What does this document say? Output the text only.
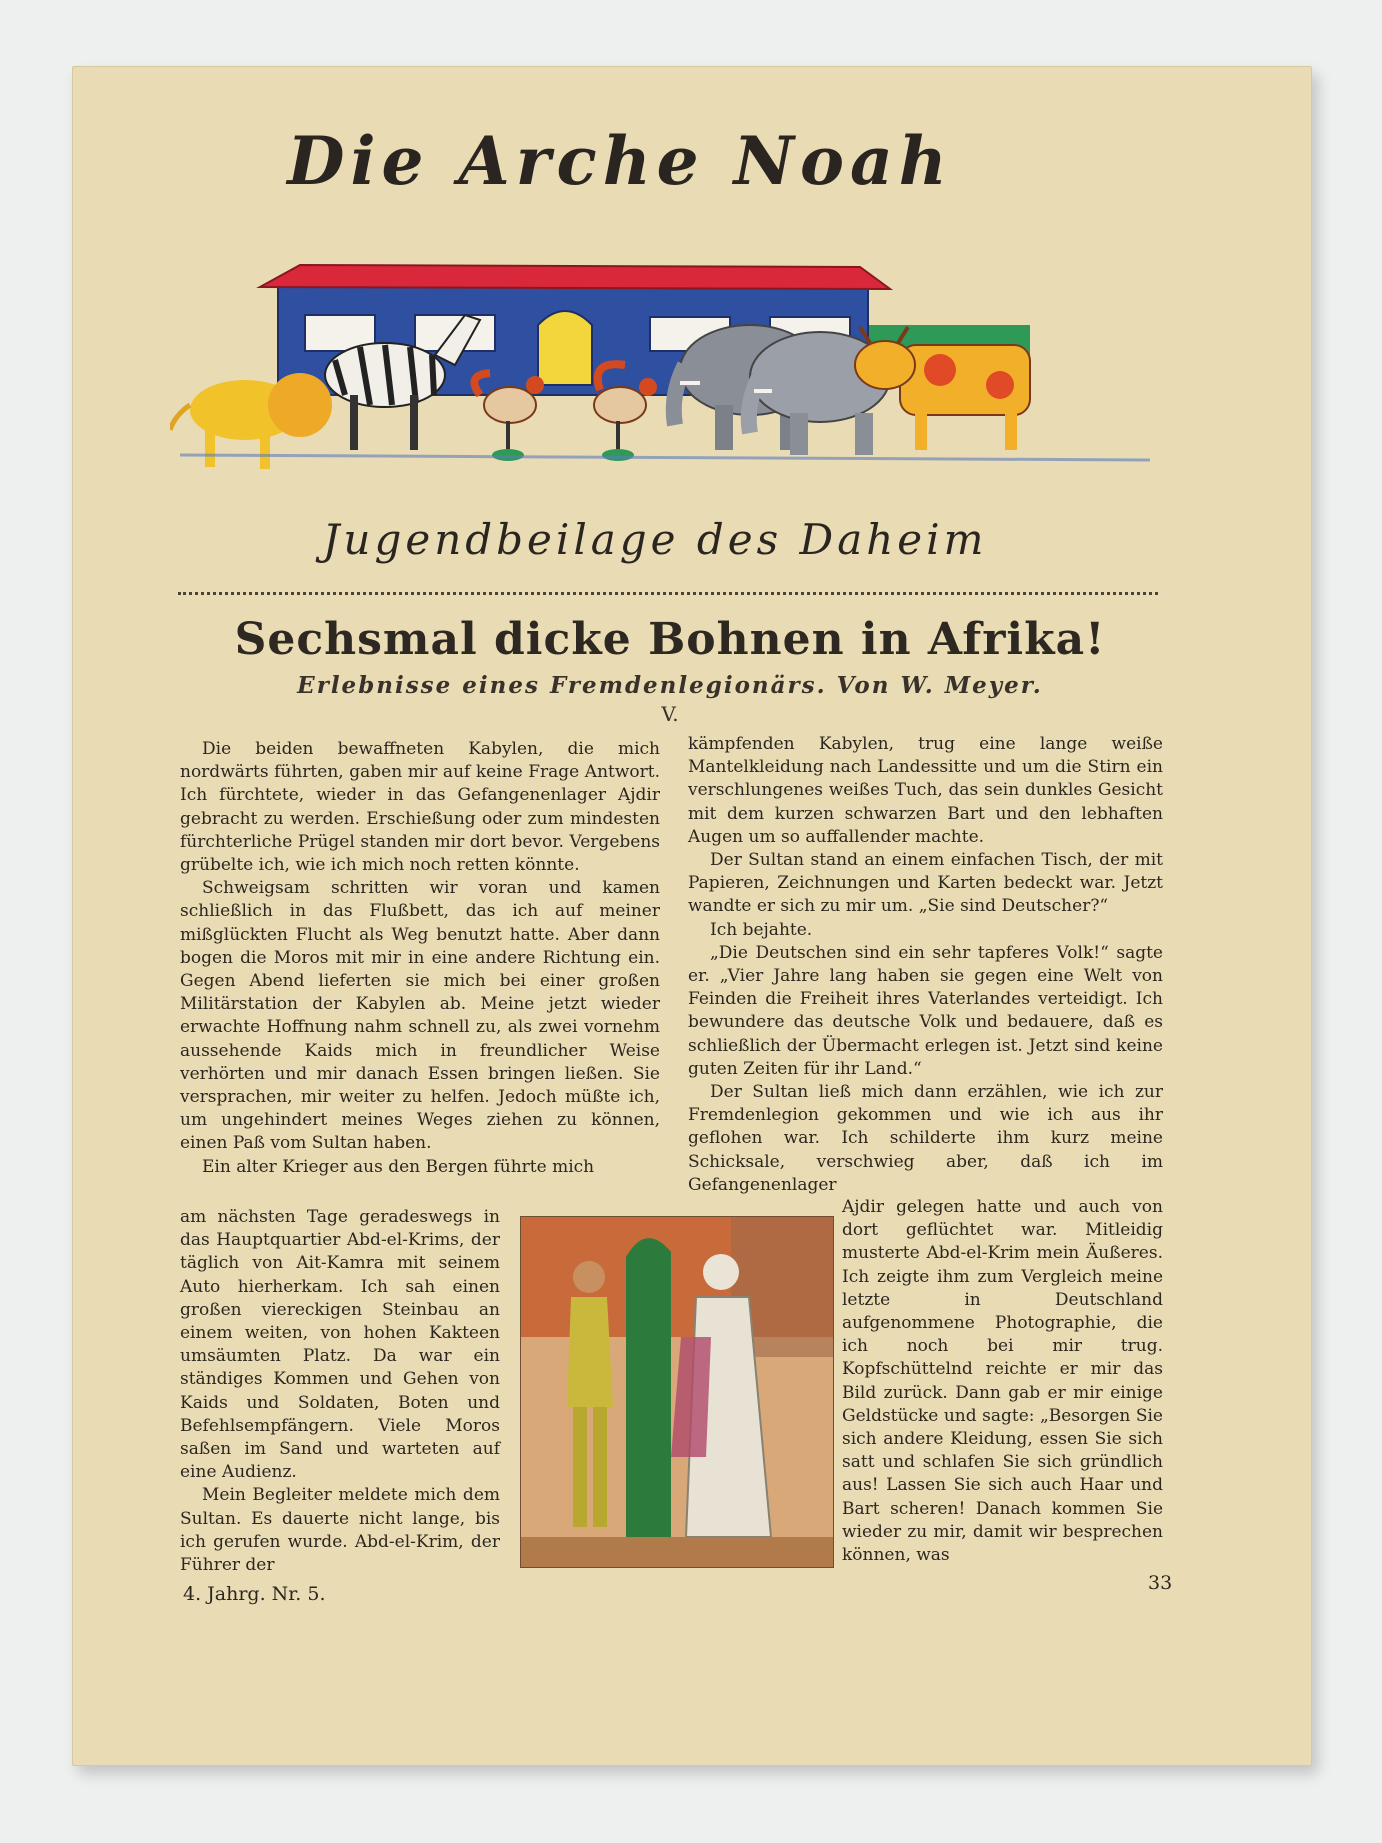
Die Arche Noah
Jugendbeilage des Daheim
Sechsmal dicke Bohnen in Afrika!
Erlebnisse eines Fremdenlegionärs. Von W. Meyer.
V.

Die beiden bewaffneten Kabylen, die mich nordwärts führten, gaben mir auf keine Frage Antwort. Ich fürchtete, wieder in das Gefangenenlager Ajdir gebracht zu werden. Erschießung oder zum mindesten fürchterliche Prügel standen mir dort bevor. Vergebens grübelte ich, wie ich mich noch retten könnte.

Schweigsam schritten wir voran und kamen schließlich in das Flußbett, das ich auf meiner mißglückten Flucht als Weg benutzt hatte. Aber dann bogen die Moros mit mir in eine andere Richtung ein. Gegen Abend lieferten sie mich bei einer großen Militärstation der Kabylen ab. Meine jetzt wieder erwachte Hoffnung nahm schnell zu, als zwei vornehm aussehende Kaids mich in freundlicher Weise verhörten und mir danach Essen bringen ließen. Sie versprachen, mir weiter zu helfen. Jedoch müßte ich, um ungehindert meines Weges ziehen zu können, einen Paß vom Sultan haben.

Ein alter Krieger aus den Bergen führte mich

am nächsten Tage geradeswegs in das Hauptquartier Abd-el-Krims, der täglich von Ait-Kamra mit seinem Auto hierherkam. Ich sah einen großen viereckigen Steinbau an einem weiten, von hohen Kakteen umsäumten Platz. Da war ein ständiges Kommen und Gehen von Kaids und Soldaten, Boten und Befehlsempfängern. Viele Moros saßen im Sand und warteten auf eine Audienz.

Mein Begleiter meldete mich dem Sultan. Es dauerte nicht lange, bis ich gerufen wurde. Abd-el-Krim, der Führer der

kämpfenden Kabylen, trug eine lange weiße Mantelkleidung nach Landessitte und um die Stirn ein verschlungenes weißes Tuch, das sein dunkles Gesicht mit dem kurzen schwarzen Bart und den lebhaften Augen um so auffallender machte.

Der Sultan stand an einem einfachen Tisch, der mit Papieren, Zeichnungen und Karten bedeckt war. Jetzt wandte er sich zu mir um. „Sie sind Deutscher?“

Ich bejahte.

„Die Deutschen sind ein sehr tapferes Volk!“ sagte er. „Vier Jahre lang haben sie gegen eine Welt von Feinden die Freiheit ihres Vaterlandes verteidigt. Ich bewundere das deutsche Volk und bedauere, daß es schließlich der Übermacht erlegen ist. Jetzt sind keine guten Zeiten für ihr Land.“

Der Sultan ließ mich dann erzählen, wie ich zur Fremdenlegion gekommen und wie ich aus ihr geflohen war. Ich schilderte ihm kurz meine Schicksale, verschwieg aber, daß ich im Gefangenenlager

Ajdir gelegen hatte und auch von dort geflüchtet war. Mitleidig musterte Abd-el-Krim mein Äußeres. Ich zeigte ihm zum Vergleich meine letzte in Deutschland aufgenommene Photographie, die ich noch bei mir trug. Kopfschüttelnd reichte er mir das Bild zurück. Dann gab er mir einige Geldstücke und sagte: „Besorgen Sie sich andere Kleidung, essen Sie sich satt und schlafen Sie sich gründlich aus! Lassen Sie sich auch Haar und Bart scheren! Danach kommen Sie wieder zu mir, damit wir besprechen können, was

4. Jahrg. Nr. 5.	33
